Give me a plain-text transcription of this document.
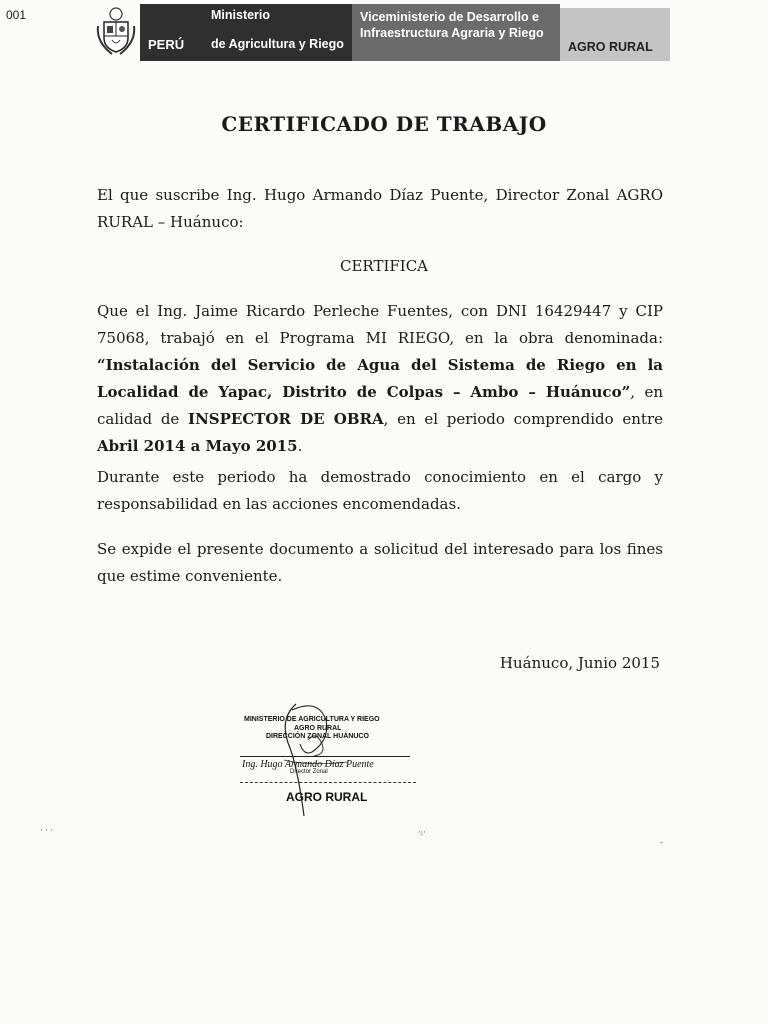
001
PERÚ
Ministerio
de Agricultura y Riego
Viceministerio de Desarrollo e
Infraestructura Agraria y Riego
AGRO RURAL
CERTIFICADO DE TRABAJO
El que suscribe Ing. Hugo Armando Díaz Puente, Director Zonal AGRO RURAL – Huánuco:
CERTIFICA
Que el Ing. Jaime Ricardo Perleche Fuentes, con DNI 16429447 y CIP 75068, trabajó en el Programa MI RIEGO, en la obra denominada: “Instalación del Servicio de Agua del Sistema de Riego en la Localidad de Yapac, Distrito de Colpas – Ambo – Huánuco”, en calidad de INSPECTOR DE OBRA, en el periodo comprendido entre Abril 2014 a Mayo 2015.
Durante este periodo ha demostrado conocimiento en el cargo y responsabilidad en las acciones encomendadas.
Se expide el presente documento a solicitud del interesado para los fines que estime conveniente.
Huánuco, Junio 2015
MINISTERIO DE AGRICULTURA Y RIEGO
AGRO RURAL
DIRECCIÓN ZONAL HUÁNUCO
Ing. Hugo Armando Díaz Puente
Director Zonal
AGRO RURAL
· · ·	·:·
-
